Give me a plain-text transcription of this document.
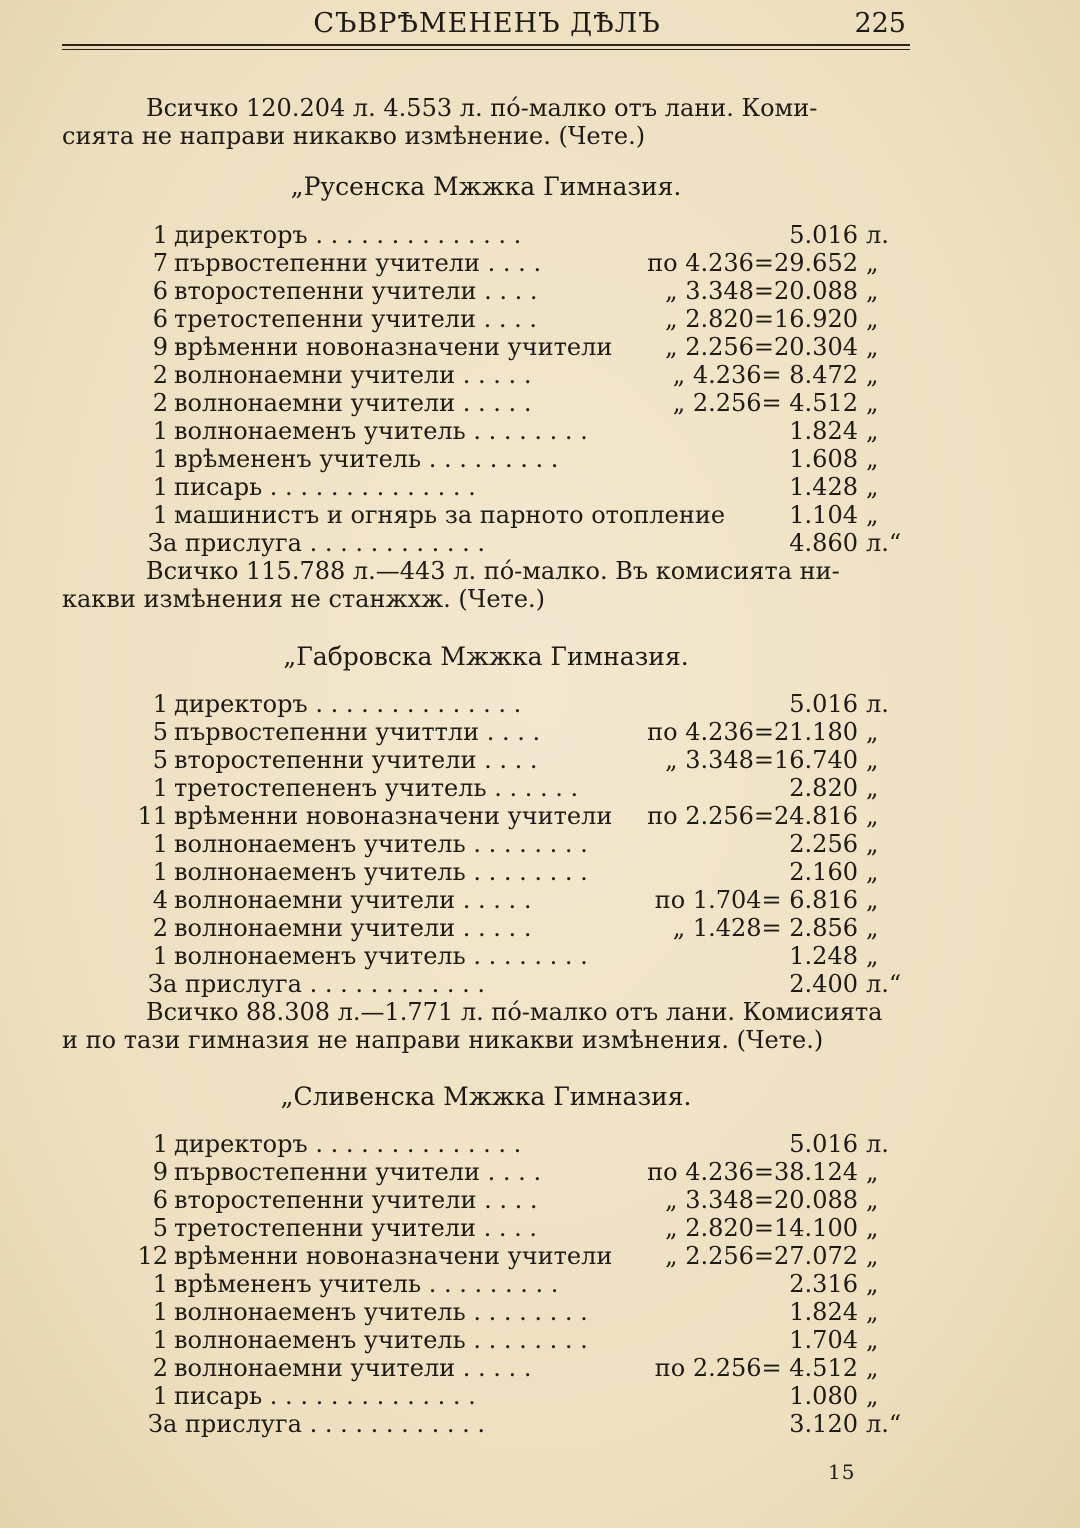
СЪВРѢМЕНЕНЪ ДѢЛЪ	225
Всичко 120.204 л. 4.553 л. пó-малко отъ лани. Коми-
сията не направи никакво измѣнение. (Чете.)
„Русенска Мжжка Гимназия.
1 директоръ . . . . . . . . . . . . . .	5.016 л.
7 първостепенни учители . . . .	по 4.236=29.652 „
6 второстепенни учители . . . .	„ 3.348=20.088 „
6 третостепенни учители . . . .	„ 2.820=16.920 „
9 врѣменни новоназначени учители „ 2.256=20.304 „
2 волнонаемни учители . . . . .	„ 4.236= 8.472 „
2 волнонаемни учители . . . . .	„ 2.256= 4.512 „
1 волнонаеменъ учитель . . . . . . . .	1.824 „
1 врѣмененъ учитель . . . . . . . . .	1.608 „
1 писарь . . . . . . . . . . . . . .	1.428 „
1 машинистъ и огнярь за парното отопление	1.104 „
За прислуга . . . . . . . . . . . .	4.860 л.“
Всичко 115.788 л.—443 л. пó-малко. Въ комисията ни-
какви измѣнения не станжхж. (Чете.)
„Габровска Мжжка Гимназия.
1 директоръ . . . . . . . . . . . . . .	5.016 л.
5 първостепенни учиттли . . . .	по 4.236=21.180 „
5 второстепенни учители . . . .	„ 3.348=16.740 „
1 третостепененъ учитель . . . . . .	2.820 „
11 врѣменни новоназначени учители по 2.256=24.816 „
1 волнонаеменъ учитель . . . . . . . .	2.256 „
1 волнонаеменъ учитель . . . . . . . .	2.160 „
4 волнонаемни учители . . . . .	по 1.704= 6.816 „
2 волнонаемни учители . . . . .	„ 1.428= 2.856 „
1 волнонаеменъ учитель . . . . . . . .	1.248 „
За прислуга . . . . . . . . . . . .	2.400 л.“
Всичко 88.308 л.—1.771 л. пó-малко отъ лани. Комисията
и по тази гимназия не направи никакви измѣнения. (Чете.)
„Сливенска Мжжка Гимназия.
1 директоръ . . . . . . . . . . . . . .	5.016 л.
9 първостепенни учители . . . .	по 4.236=38.124 „
6 второстепенни учители . . . .	„ 3.348=20.088 „
5 третостепенни учители . . . .	„ 2.820=14.100 „
12 врѣменни новоназначени учители „ 2.256=27.072 „
1 врѣмененъ учитель . . . . . . . . .	2.316 „
1 волнонаеменъ учитель . . . . . . . .	1.824 „
1 волнонаеменъ учитель . . . . . . . .	1.704 „
2 волнонаемни учители . . . . .	по 2.256= 4.512 „
1 писарь . . . . . . . . . . . . . .	1.080 „
За прислуга . . . . . . . . . . . .	3.120 л.“
15
